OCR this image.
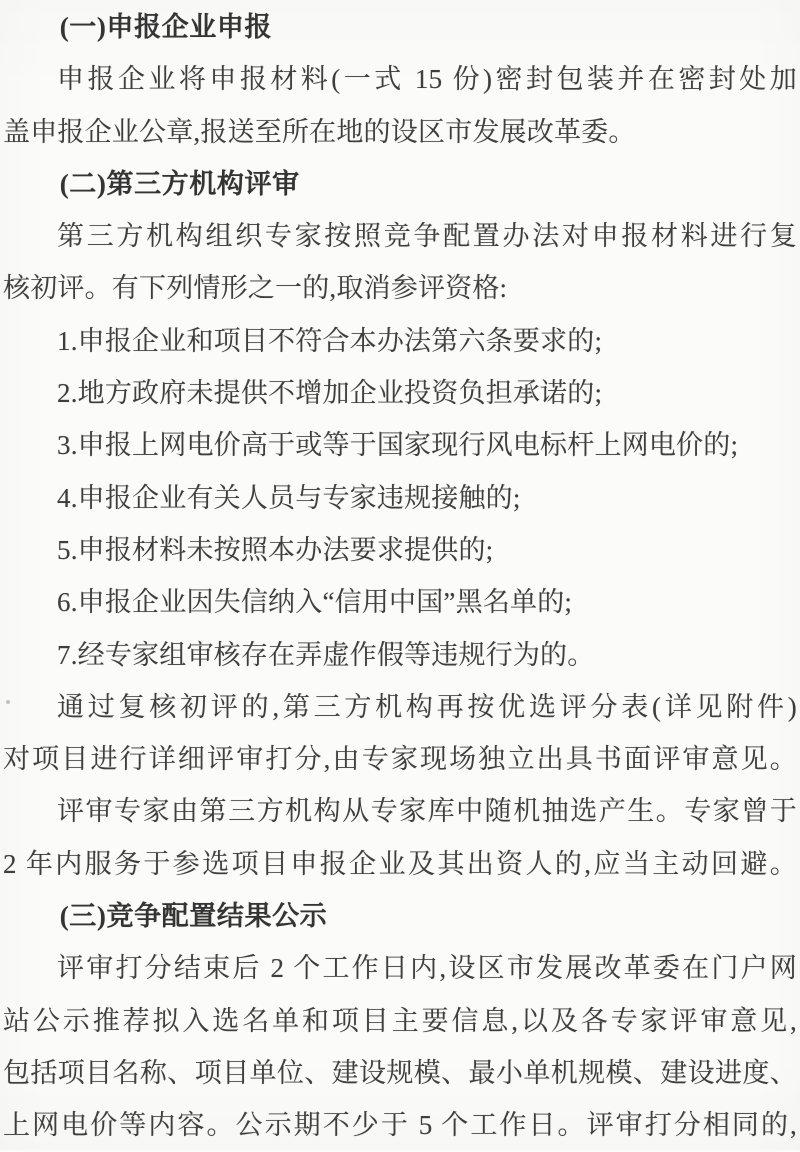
(一)申报企业申报
申报企业将申报材料(一式 15 份)密封包装并在密封处加
盖申报企业公章,报送至所在地的设区市发展改革委。
(二)第三方机构评审
第三方机构组织专家按照竞争配置办法对申报材料进行复
核初评。有下列情形之一的,取消参评资格:
1.申报企业和项目不符合本办法第六条要求的;
2.地方政府未提供不增加企业投资负担承诺的;
3.申报上网电价高于或等于国家现行风电标杆上网电价的;
4.申报企业有关人员与专家违规接触的;
5.申报材料未按照本办法要求提供的;
6.申报企业因失信纳入“信用中国”黑名单的;
7.经专家组审核存在弄虚作假等违规行为的。
通过复核初评的,第三方机构再按优选评分表(详见附件)
对项目进行详细评审打分,由专家现场独立出具书面评审意见。
评审专家由第三方机构从专家库中随机抽选产生。专家曾于
2 年内服务于参选项目申报企业及其出资人的,应当主动回避。
(三)竞争配置结果公示
评审打分结束后 2 个工作日内,设区市发展改革委在门户网
站公示推荐拟入选名单和项目主要信息,以及各专家评审意见,
包括项目名称、项目单位、建设规模、最小单机规模、建设进度、
上网电价等内容。公示期不少于 5 个工作日。评审打分相同的,
